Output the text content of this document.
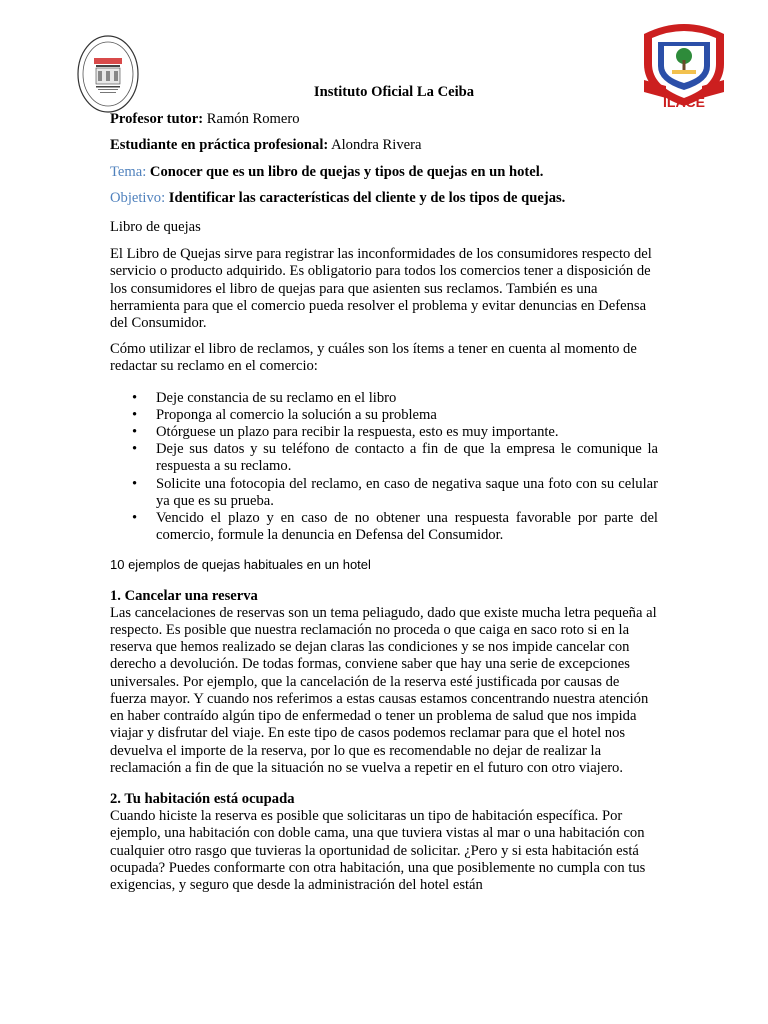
ILACE
Instituto Oficial La Ceiba
Profesor tutor: Ramón Romero
Estudiante en práctica profesional: Alondra Rivera
Tema: Conocer que es un libro de quejas y tipos de quejas en un hotel.
Objetivo: Identificar las características del cliente y de los tipos de quejas.
Libro de quejas

El Libro de Quejas sirve para registrar las inconformidades de los consumidores respecto del servicio o producto adquirido. Es obligatorio para todos los comercios tener a disposición de los consumidores el libro de quejas para que asienten sus reclamos. También es una herramienta para que el comercio pueda resolver el problema y evitar denuncias en Defensa del Consumidor.

Cómo utilizar el libro de reclamos, y cuáles son los ítems a tener en cuenta al momento de redactar su reclamo en el comercio:

• Deje constancia de su reclamo en el libro
• Proponga al comercio la solución a su problema
• Otórguese un plazo para recibir la respuesta, esto es muy importante.
• Deje sus datos y su teléfono de contacto a fin de que la empresa le comunique la respuesta a su reclamo.
• Solicite una fotocopia del reclamo, en caso de negativa saque una foto con su celular ya que es su prueba.
• Vencido el plazo y en caso de no obtener una respuesta favorable por parte del comercio, formule la denuncia en Defensa del Consumidor.
10 ejemplos de quejas habituales en un hotel
1. Cancelar una reserva
Las cancelaciones de reservas son un tema peliagudo, dado que existe mucha letra pequeña al respecto. Es posible que nuestra reclamación no proceda o que caiga en saco roto si en la reserva que hemos realizado se dejan claras las condiciones y se nos impide cancelar con derecho a devolución. De todas formas, conviene saber que hay una serie de excepciones universales. Por ejemplo, que la cancelación de la reserva esté justificada por causas de fuerza mayor. Y cuando nos referimos a estas causas estamos concentrando nuestra atención en haber contraído algún tipo de enfermedad o tener un problema de salud que nos impida viajar y disfrutar del viaje. En este tipo de casos podemos reclamar para que el hotel nos devuelva el importe de la reserva, por lo que es recomendable no dejar de realizar la reclamación a fin de que la situación no se vuelva a repetir en el futuro con otro viajero.
2. Tu habitación está ocupada
Cuando hiciste la reserva es posible que solicitaras un tipo de habitación específica. Por ejemplo, una habitación con doble cama, una que tuviera vistas al mar o una habitación con cualquier otro rasgo que tuvieras la oportunidad de solicitar. ¿Pero y si esta habitación está ocupada? Puedes conformarte con otra habitación, una que posiblemente no cumpla con tus exigencias, y seguro que desde la administración del hotel están
